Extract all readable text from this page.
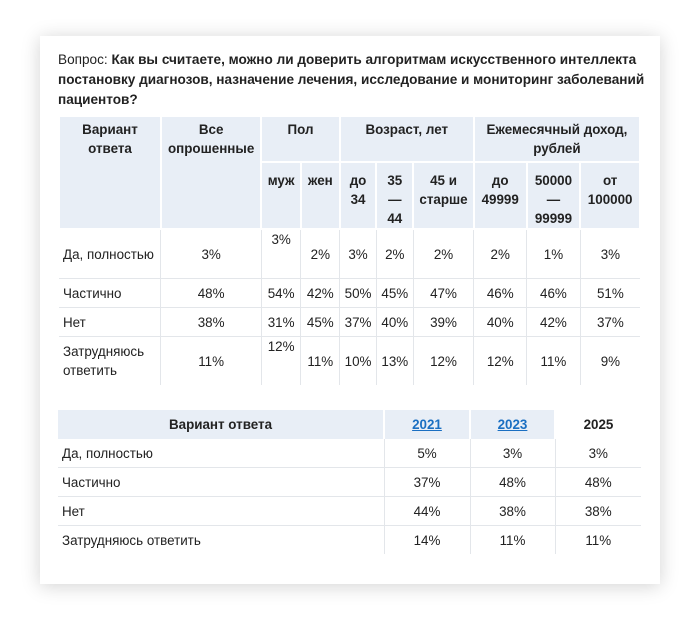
Вопрос: Как вы считаете, можно ли доверить алгоритмам искусственного интеллекта постановку диагнозов, назначение лечения, исследование и мониторинг заболеваний пациентов?
Вариант ответа	Все опрошенные	Пол		Возраст, лет			Ежемесячный доход, рублей		
		муж	жен	до 34	35 — 44	45 и старше	до 49999	50000 — 99999	от 100000
Да, полностью	3%	3%	2%	3%	2%	2%	2%	1%	3%
Частично	48%	54%	42%	50%	45%	47%	46%	46%	51%
Нет	38%	31%	45%	37%	40%	39%	40%	42%	37%
Затрудняюсь ответить	11%	12%	11%	10%	13%	12%	12%	11%	9%
Вариант ответа	2021	2023	2025
Да, полностью	5%	3%	3%
Частично	37%	48%	48%
Нет	44%	38%	38%
Затрудняюсь ответить	14%	11%	11%
